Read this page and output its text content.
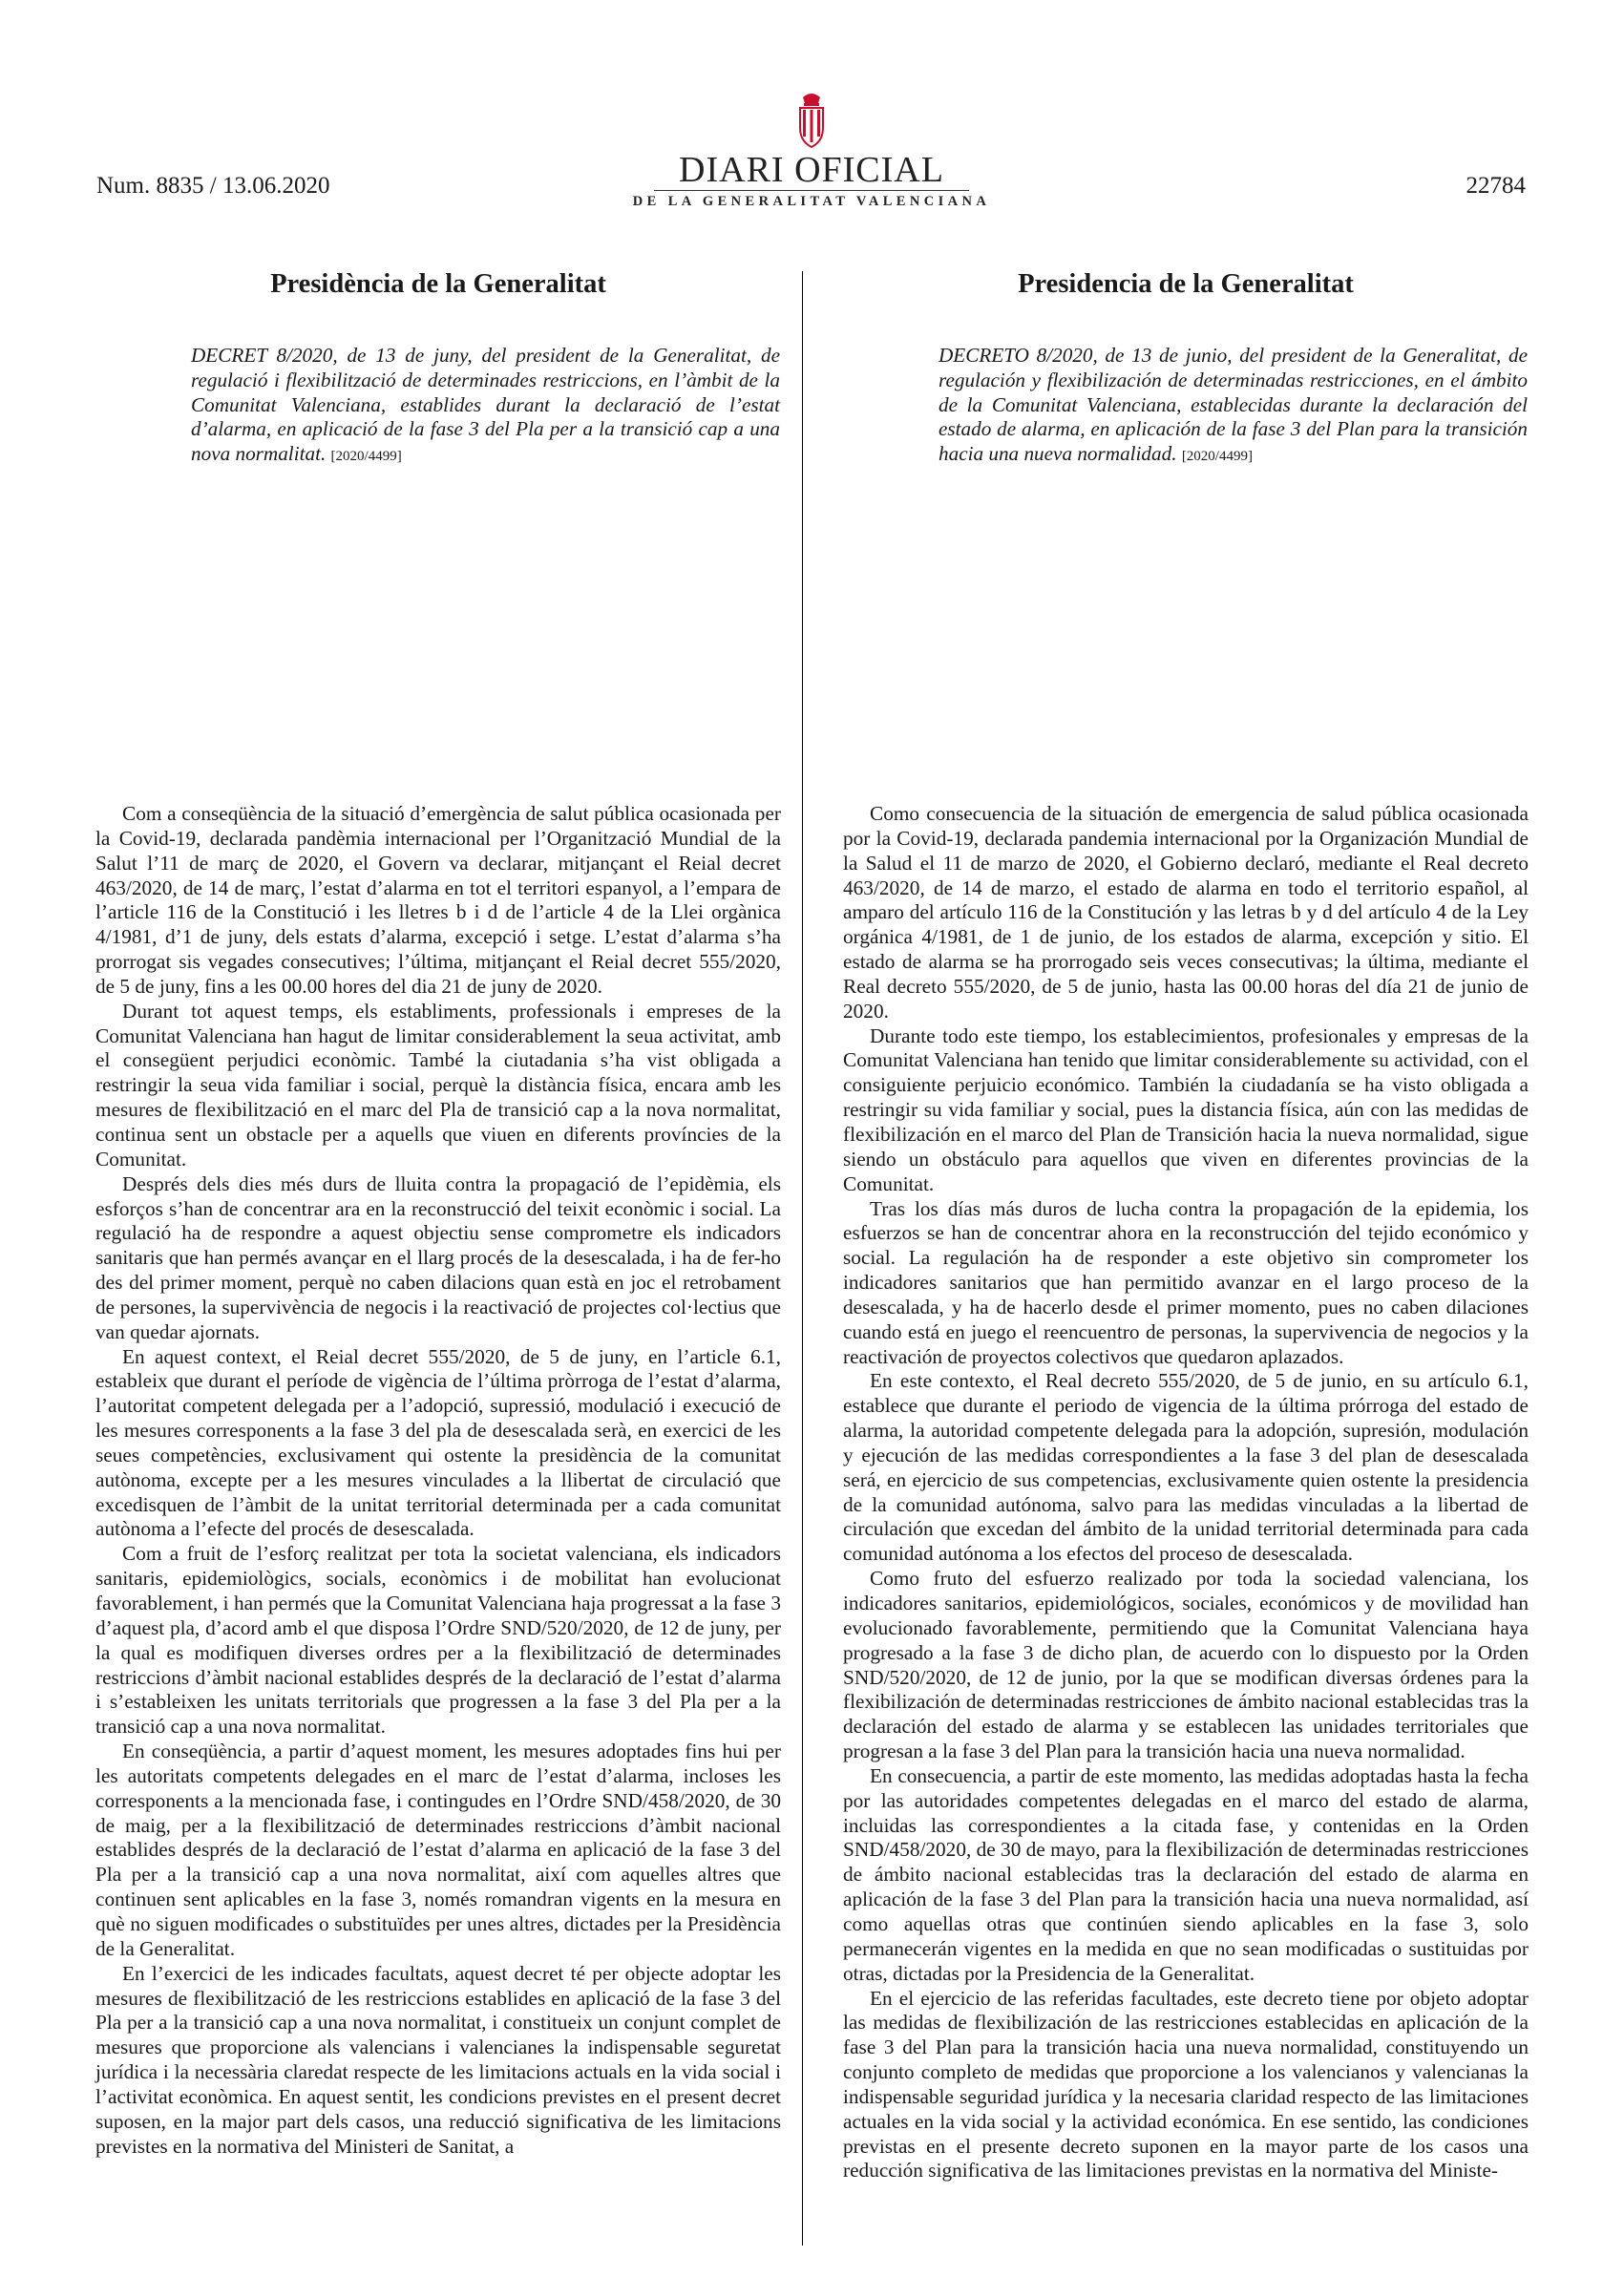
Num. 8835 / 13.06.2020	22784
DIARI OFICIAL
DE LA GENERALITAT VALENCIANA
Presidència de la Generalitat
DECRET 8/2020, de 13 de juny, del president de la Generalitat, de regulació i flexibilització de determinades restriccions, en l’àmbit de la Comunitat Valenciana, establides durant la declaració de l’estat d’alarma, en aplicació de la fase 3 del Pla per a la transició cap a una nova normalitat. [2020/4499]

Com a conseqüència de la situació d’emergència de salut pública ocasionada per la Covid-19, declarada pandèmia internacional per l’Organització Mundial de la Salut l’11 de març de 2020, el Govern va declarar, mitjançant el Reial decret 463/2020, de 14 de març, l’estat d’alarma en tot el territori espanyol, a l’empara de l’article 116 de la Constitució i les lletres b i d de l’article 4 de la Llei orgànica 4/1981, d’1 de juny, dels estats d’alarma, excepció i setge. L’estat d’alarma s’ha prorrogat sis vegades consecutives; l’última, mitjançant el Reial decret 555/2020, de 5 de juny, fins a les 00.00 hores del dia 21 de juny de 2020.

Durant tot aquest temps, els establiments, professionals i empreses de la Comunitat Valenciana han hagut de limitar considerablement la seua activitat, amb el consegüent perjudici econòmic. També la ciutadania s’ha vist obligada a restringir la seua vida familiar i social, perquè la distància física, encara amb les mesures de flexibilització en el marc del Pla de transició cap a la nova normalitat, continua sent un obstacle per a aquells que viuen en diferents províncies de la Comunitat.

Després dels dies més durs de lluita contra la propagació de l’epidèmia, els esforços s’han de concentrar ara en la reconstrucció del teixit econòmic i social. La regulació ha de respondre a aquest objectiu sense comprometre els indicadors sanitaris que han permés avançar en el llarg procés de la desescalada, i ha de fer-ho des del primer moment, perquè no caben dilacions quan està en joc el retrobament de persones, la supervivència de negocis i la reactivació de projectes col·lectius que van quedar ajornats.

En aquest context, el Reial decret 555/2020, de 5 de juny, en l’article 6.1, estableix que durant el període de vigència de l’última pròrroga de l’estat d’alarma, l’autoritat competent delegada per a l’adopció, supressió, modulació i execució de les mesures corresponents a la fase 3 del pla de desescalada serà, en exercici de les seues competències, exclusivament qui ostente la presidència de la comunitat autònoma, excepte per a les mesures vinculades a la llibertat de circulació que excedisquen de l’àmbit de la unitat territorial determinada per a cada comunitat autònoma a l’efecte del procés de desescalada.

Com a fruit de l’esforç realitzat per tota la societat valenciana, els indicadors sanitaris, epidemiològics, socials, econòmics i de mobilitat han evolucionat favorablement, i han permés que la Comunitat Valenciana haja progressat a la fase 3 d’aquest pla, d’acord amb el que disposa l’Ordre SND/520/2020, de 12 de juny, per la qual es modifiquen diverses ordres per a la flexibilització de determinades restriccions d’àmbit nacional establides després de la declaració de l’estat d’alarma i s’estableixen les unitats territorials que progressen a la fase 3 del Pla per a la transició cap a una nova normalitat.

En conseqüència, a partir d’aquest moment, les mesures adoptades fins hui per les autoritats competents delegades en el marc de l’estat d’alarma, incloses les corresponents a la mencionada fase, i contingudes en l’Ordre SND/458/2020, de 30 de maig, per a la flexibilització de determinades restriccions d’àmbit nacional establides després de la declaració de l’estat d’alarma en aplicació de la fase 3 del Pla per a la transició cap a una nova normalitat, així com aquelles altres que continuen sent aplicables en la fase 3, només romandran vigents en la mesura en què no siguen modificades o substituïdes per unes altres, dictades per la Presidència de la Generalitat.

En l’exercici de les indicades facultats, aquest decret té per objecte adoptar les mesures de flexibilització de les restriccions establides en aplicació de la fase 3 del Pla per a la transició cap a una nova normalitat, i constitueix un conjunt complet de mesures que proporcione als valencians i valencianes la indispensable seguretat jurídica i la necessària claredat respecte de les limitacions actuals en la vida social i l’activitat econòmica. En aquest sentit, les condicions previstes en el present decret suposen, en la major part dels casos, una reducció significativa de les limitacions previstes en la normativa del Ministeri de Sanitat, a

Presidencia de la Generalitat
DECRETO 8/2020, de 13 de junio, del president de la Generalitat, de regulación y flexibilización de determinadas restricciones, en el ámbito de la Comunitat Valenciana, establecidas durante la declaración del estado de alarma, en aplicación de la fase 3 del Plan para la transición hacia una nueva normalidad. [2020/4499]

Como consecuencia de la situación de emergencia de salud pública ocasionada por la Covid-19, declarada pandemia internacional por la Organización Mundial de la Salud el 11 de marzo de 2020, el Gobierno declaró, mediante el Real decreto 463/2020, de 14 de marzo, el estado de alarma en todo el territorio español, al amparo del artículo 116 de la Constitución y las letras b y d del artículo 4 de la Ley orgánica 4/1981, de 1 de junio, de los estados de alarma, excepción y sitio. El estado de alarma se ha prorrogado seis veces consecutivas; la última, mediante el Real decreto 555/2020, de 5 de junio, hasta las 00.00 horas del día 21 de junio de 2020.

Durante todo este tiempo, los establecimientos, profesionales y empresas de la Comunitat Valenciana han tenido que limitar considerablemente su actividad, con el consiguiente perjuicio económico. También la ciudadanía se ha visto obligada a restringir su vida familiar y social, pues la distancia física, aún con las medidas de flexibilización en el marco del Plan de Transición hacia la nueva normalidad, sigue siendo un obstáculo para aquellos que viven en diferentes provincias de la Comunitat.

Tras los días más duros de lucha contra la propagación de la epidemia, los esfuerzos se han de concentrar ahora en la reconstrucción del tejido económico y social. La regulación ha de responder a este objetivo sin comprometer los indicadores sanitarios que han permitido avanzar en el largo proceso de la desescalada, y ha de hacerlo desde el primer momento, pues no caben dilaciones cuando está en juego el reencuentro de personas, la supervivencia de negocios y la reactivación de proyectos colectivos que quedaron aplazados.

En este contexto, el Real decreto 555/2020, de 5 de junio, en su artículo 6.1, establece que durante el periodo de vigencia de la última prórroga del estado de alarma, la autoridad competente delegada para la adopción, supresión, modulación y ejecución de las medidas correspondientes a la fase 3 del plan de desescalada será, en ejercicio de sus competencias, exclusivamente quien ostente la presidencia de la comunidad autónoma, salvo para las medidas vinculadas a la libertad de circulación que excedan del ámbito de la unidad territorial determinada para cada comunidad autónoma a los efectos del proceso de desescalada.

Como fruto del esfuerzo realizado por toda la sociedad valenciana, los indicadores sanitarios, epidemiológicos, sociales, económicos y de movilidad han evolucionado favorablemente, permitiendo que la Comunitat Valenciana haya progresado a la fase 3 de dicho plan, de acuerdo con lo dispuesto por la Orden SND/520/2020, de 12 de junio, por la que se modifican diversas órdenes para la flexibilización de determinadas restricciones de ámbito nacional establecidas tras la declaración del estado de alarma y se establecen las unidades territoriales que progresan a la fase 3 del Plan para la transición hacia una nueva normalidad.

En consecuencia, a partir de este momento, las medidas adoptadas hasta la fecha por las autoridades competentes delegadas en el marco del estado de alarma, incluidas las correspondientes a la citada fase, y contenidas en la Orden SND/458/2020, de 30 de mayo, para la flexibilización de determinadas restricciones de ámbito nacional establecidas tras la declaración del estado de alarma en aplicación de la fase 3 del Plan para la transición hacia una nueva normalidad, así como aquellas otras que continúen siendo aplicables en la fase 3, solo permanecerán vigentes en la medida en que no sean modificadas o sustituidas por otras, dictadas por la Presidencia de la Generalitat.

En el ejercicio de las referidas facultades, este decreto tiene por objeto adoptar las medidas de flexibilización de las restricciones establecidas en aplicación de la fase 3 del Plan para la transición hacia una nueva normalidad, constituyendo un conjunto completo de medidas que proporcione a los valencianos y valencianas la indispensable seguridad jurídica y la necesaria claridad respecto de las limitaciones actuales en la vida social y la actividad económica. En ese sentido, las condiciones previstas en el presente decreto suponen en la mayor parte de los casos una reducción significativa de las limitaciones previstas en la normativa del Ministe-
